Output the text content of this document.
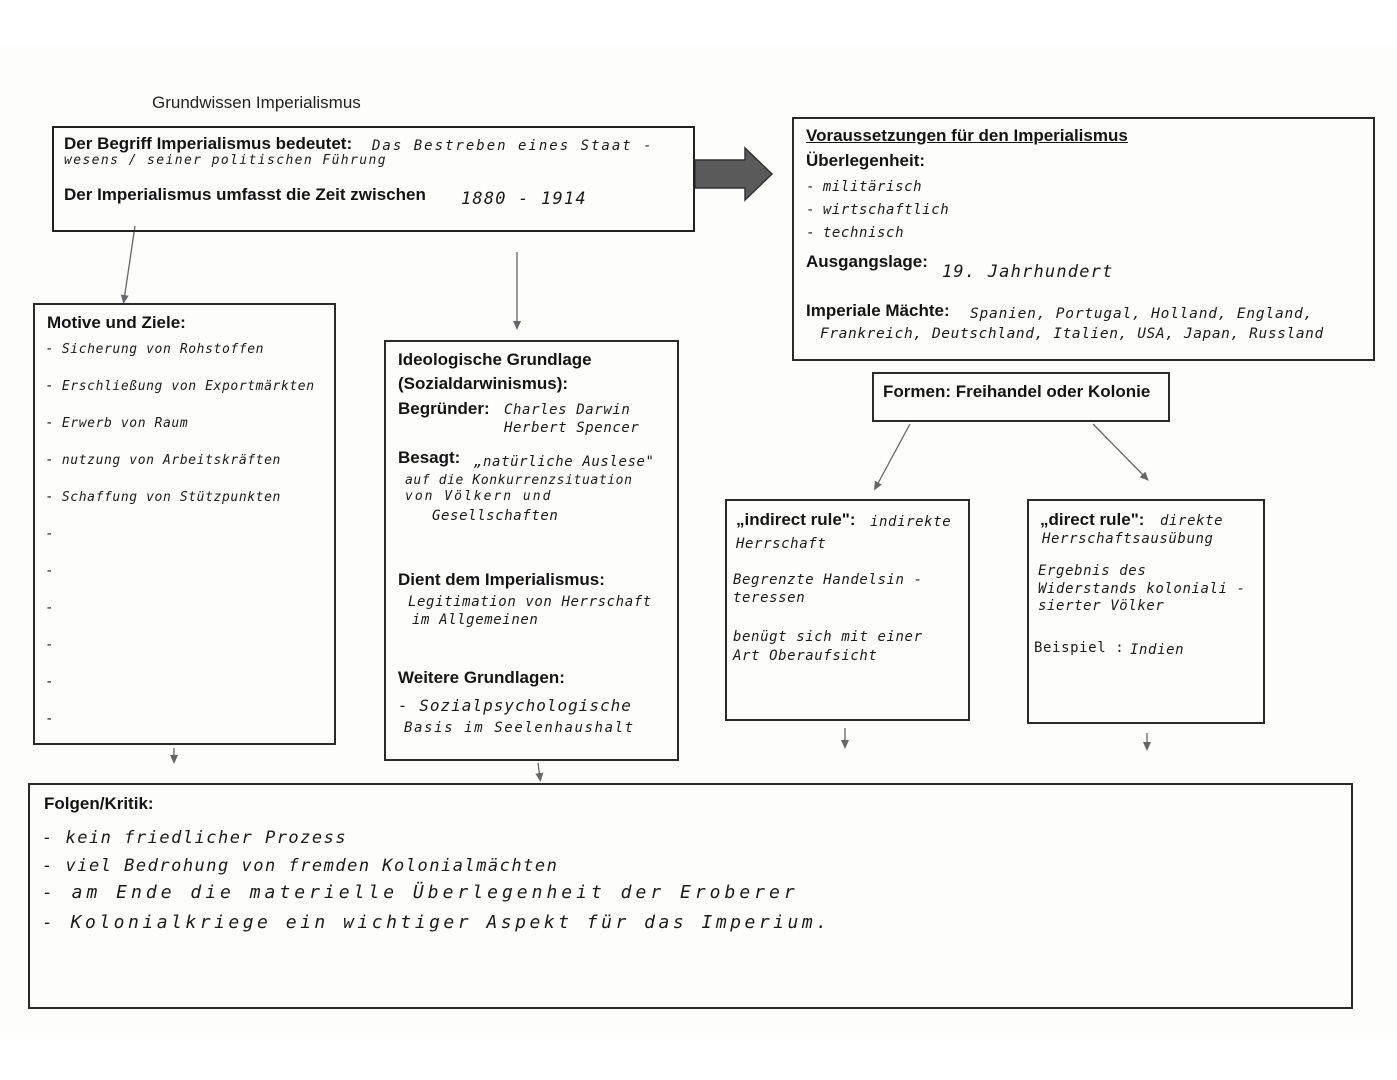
Grundwissen Imperialismus
Der Begriff Imperialismus bedeutet: Das Bestreben eines Staat -
wesens / seiner politischen Führung
Der Imperialismus umfasst die Zeit zwischen 1880 - 1914
Voraussetzungen für den Imperialismus
Überlegenheit:
- militärisch
- wirtschaftlich
- technisch
Ausgangslage:
19. Jahrhundert
Imperiale Mächte: Spanien, Portugal, Holland, England,
Frankreich, Deutschland, Italien, USA, Japan, Russland
Formen: Freihandel oder Kolonie
Motive und Ziele:
- Sicherung von Rohstoffen
- Erschließung von Exportmärkten
- Erwerb von Raum
- nutzung von Arbeitskräften
- Schaffung von Stützpunkten
-
-
-
-
-
-
Ideologische Grundlage
(Sozialdarwinismus):
Begründer: Charles Darwin
Herbert Spencer
Besagt: „natürliche Auslese"
auf die Konkurrenzsituation
von Völkern und
Gesellschaften
Dient dem Imperialismus:
Legitimation von Herrschaft
im Allgemeinen
Weitere Grundlagen:
- Sozialpsychologische
Basis im Seelenhaushalt
„indirect rule": indirekte
Herrschaft
Begrenzte Handelsin -
teressen
benügt sich mit einer
Art Oberaufsicht
„direct rule": direkte
Herrschaftsausübung
Ergebnis des
Widerstands koloniali -
sierter Völker
Beispiel : Indien
Folgen/Kritik:
- kein friedlicher Prozess
- viel Bedrohung von fremden Kolonialmächten
- am Ende die materielle Überlegenheit der Eroberer
- Kolonialkriege ein wichtiger Aspekt für das Imperium.
